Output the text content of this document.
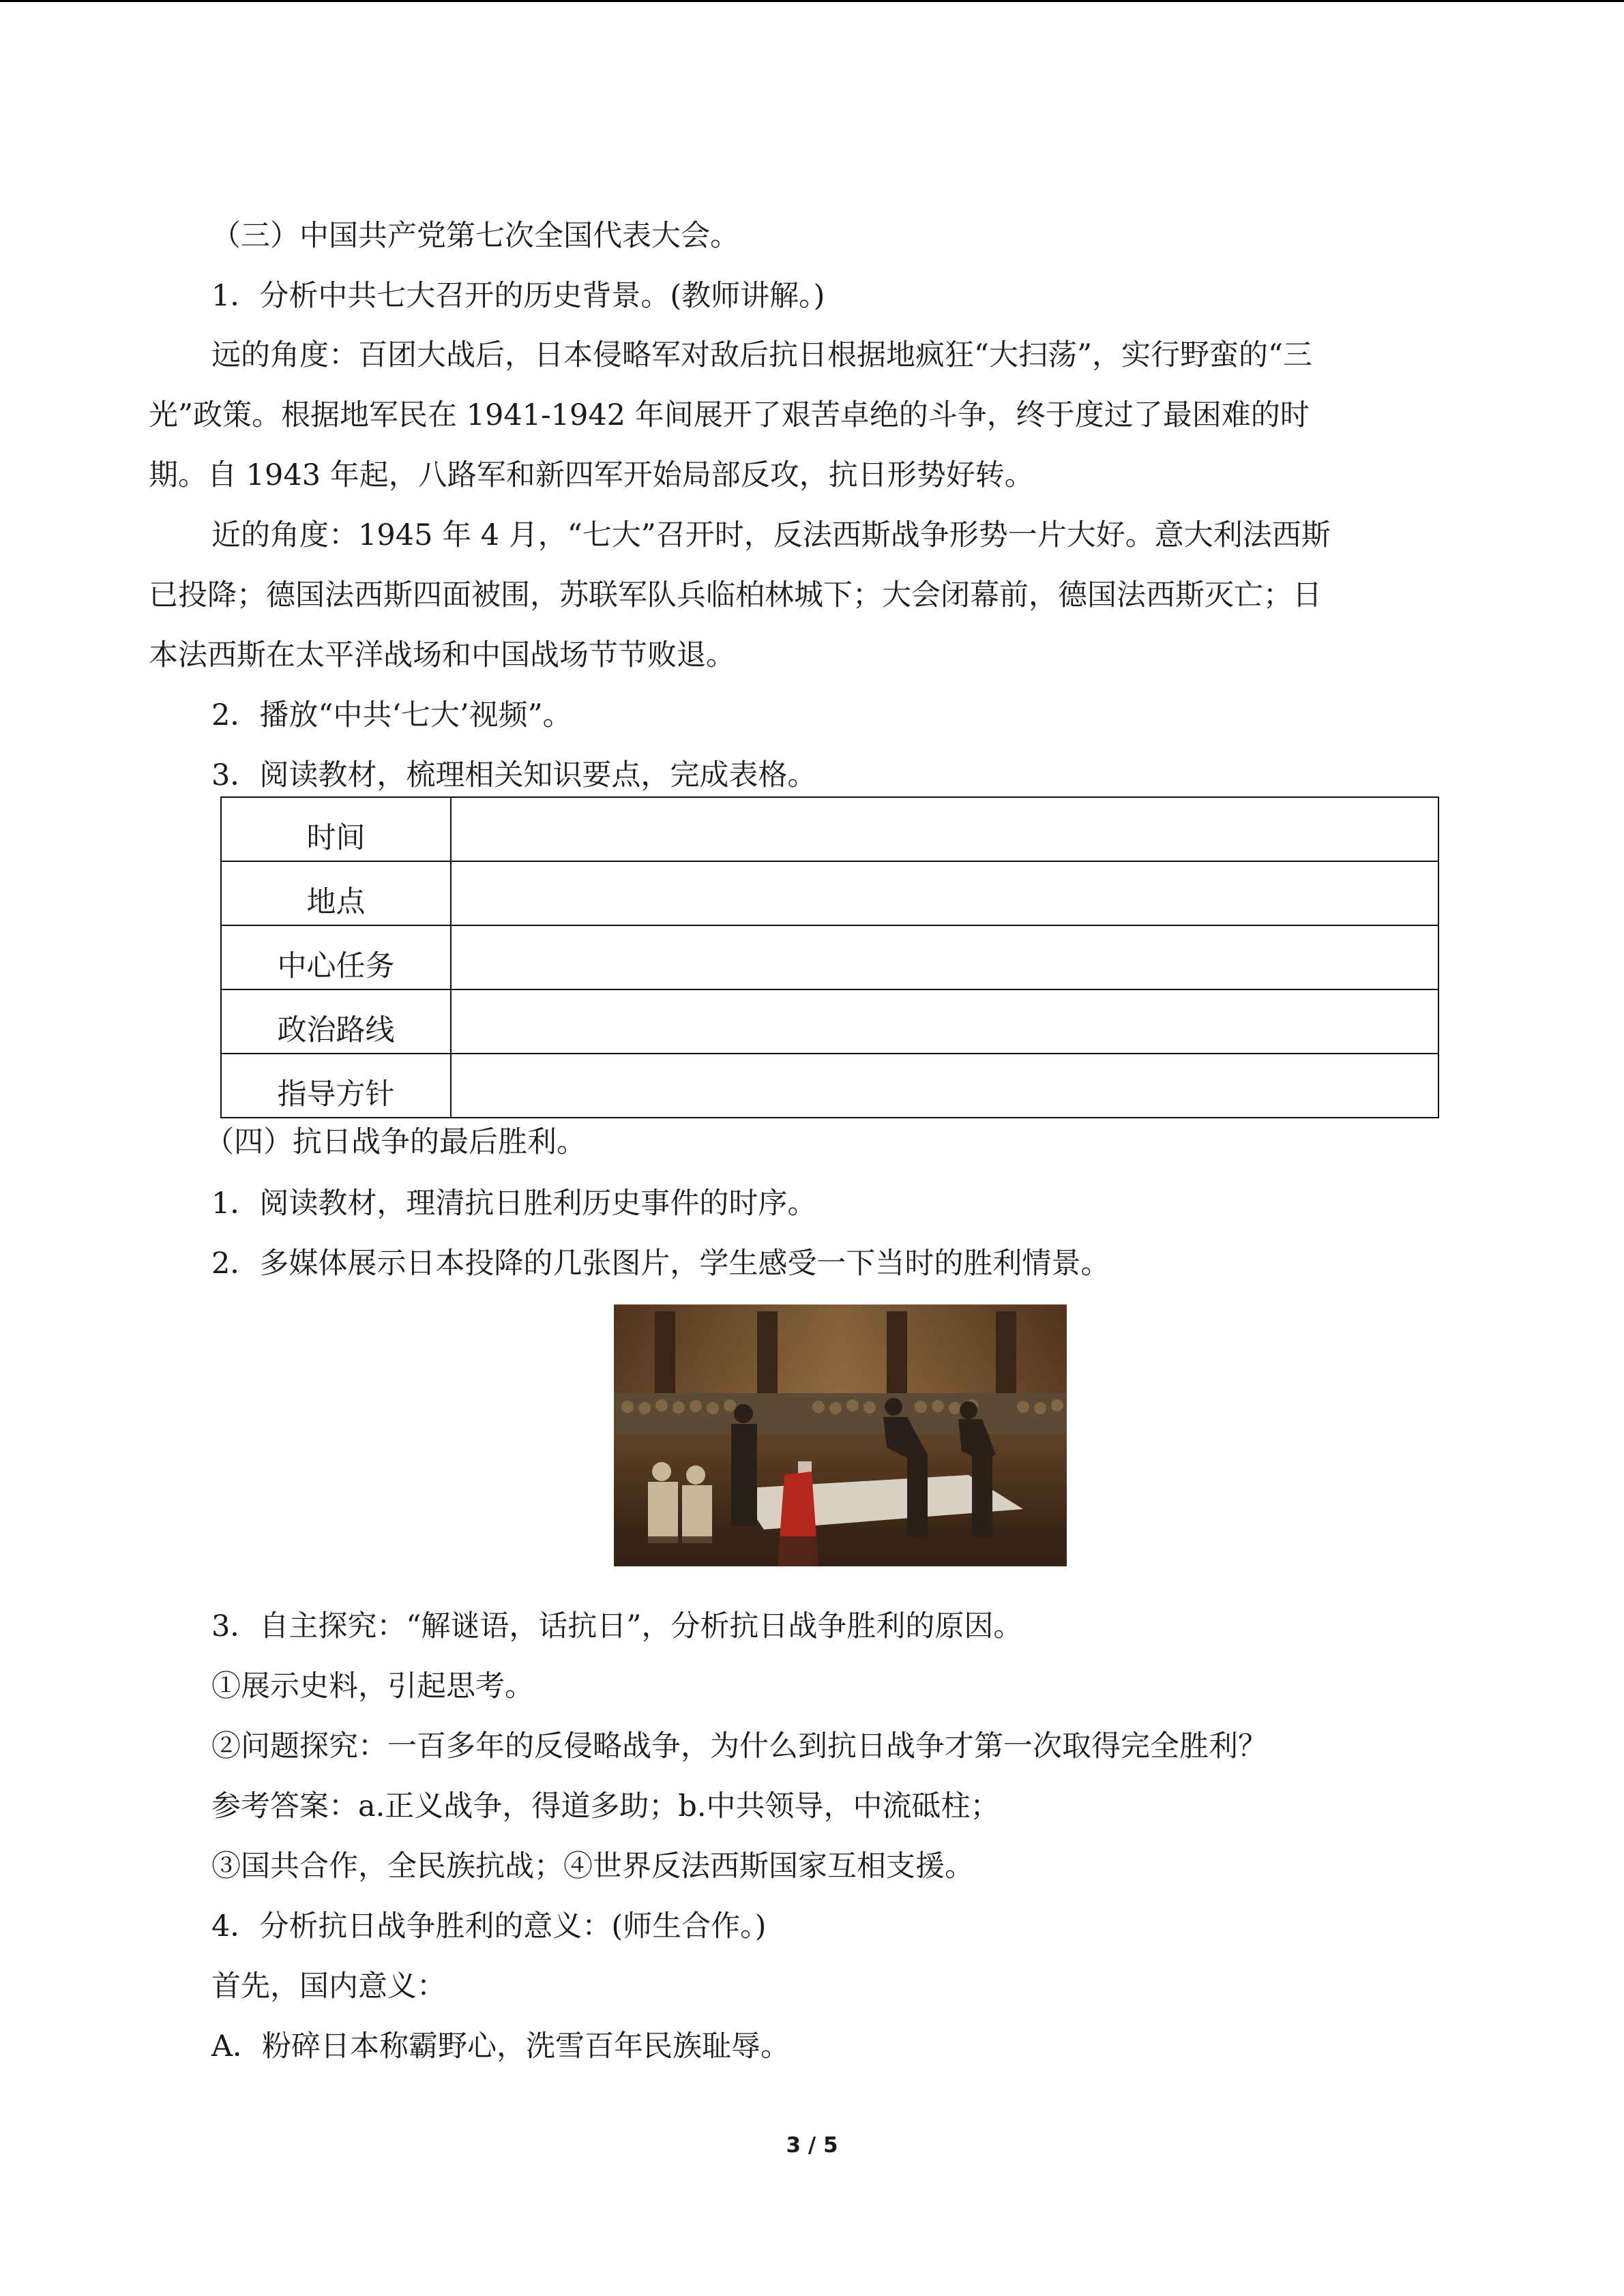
（三）中国共产党第七次全国代表大会。
1．分析中共七大召开的历史背景。(教师讲解。)
远的角度：百团大战后，日本侵略军对敌后抗日根据地疯狂“大扫荡”，实行野蛮的“三
光”政策。根据地军民在 1941-1942 年间展开了艰苦卓绝的斗争，终于度过了最困难的时
期。自 1943 年起，八路军和新四军开始局部反攻，抗日形势好转。
近的角度：1945 年 4 月，“七大”召开时，反法西斯战争形势一片大好。意大利法西斯
已投降；德国法西斯四面被围，苏联军队兵临柏林城下；大会闭幕前，德国法西斯灭亡；日
本法西斯在太平洋战场和中国战场节节败退。
2．播放“中共‘七大’视频”。
3．阅读教材，梳理相关知识要点，完成表格。
时间	
地点	
中心任务	
政治路线	
指导方针	
（四）抗日战争的最后胜利。
1．阅读教材，理清抗日胜利历史事件的时序。
2．多媒体展示日本投降的几张图片，学生感受一下当时的胜利情景。
3．自主探究：“解谜语，话抗日”，分析抗日战争胜利的原因。
①展示史料，引起思考。
②问题探究：一百多年的反侵略战争，为什么到抗日战争才第一次取得完全胜利？
参考答案：a.正义战争，得道多助；b.中共领导，中流砥柱；
③国共合作，全民族抗战；④世界反法西斯国家互相支援。
4．分析抗日战争胜利的意义：(师生合作。)
首先，国内意义：
A．粉碎日本称霸野心，洗雪百年民族耻辱。
3 / 5
